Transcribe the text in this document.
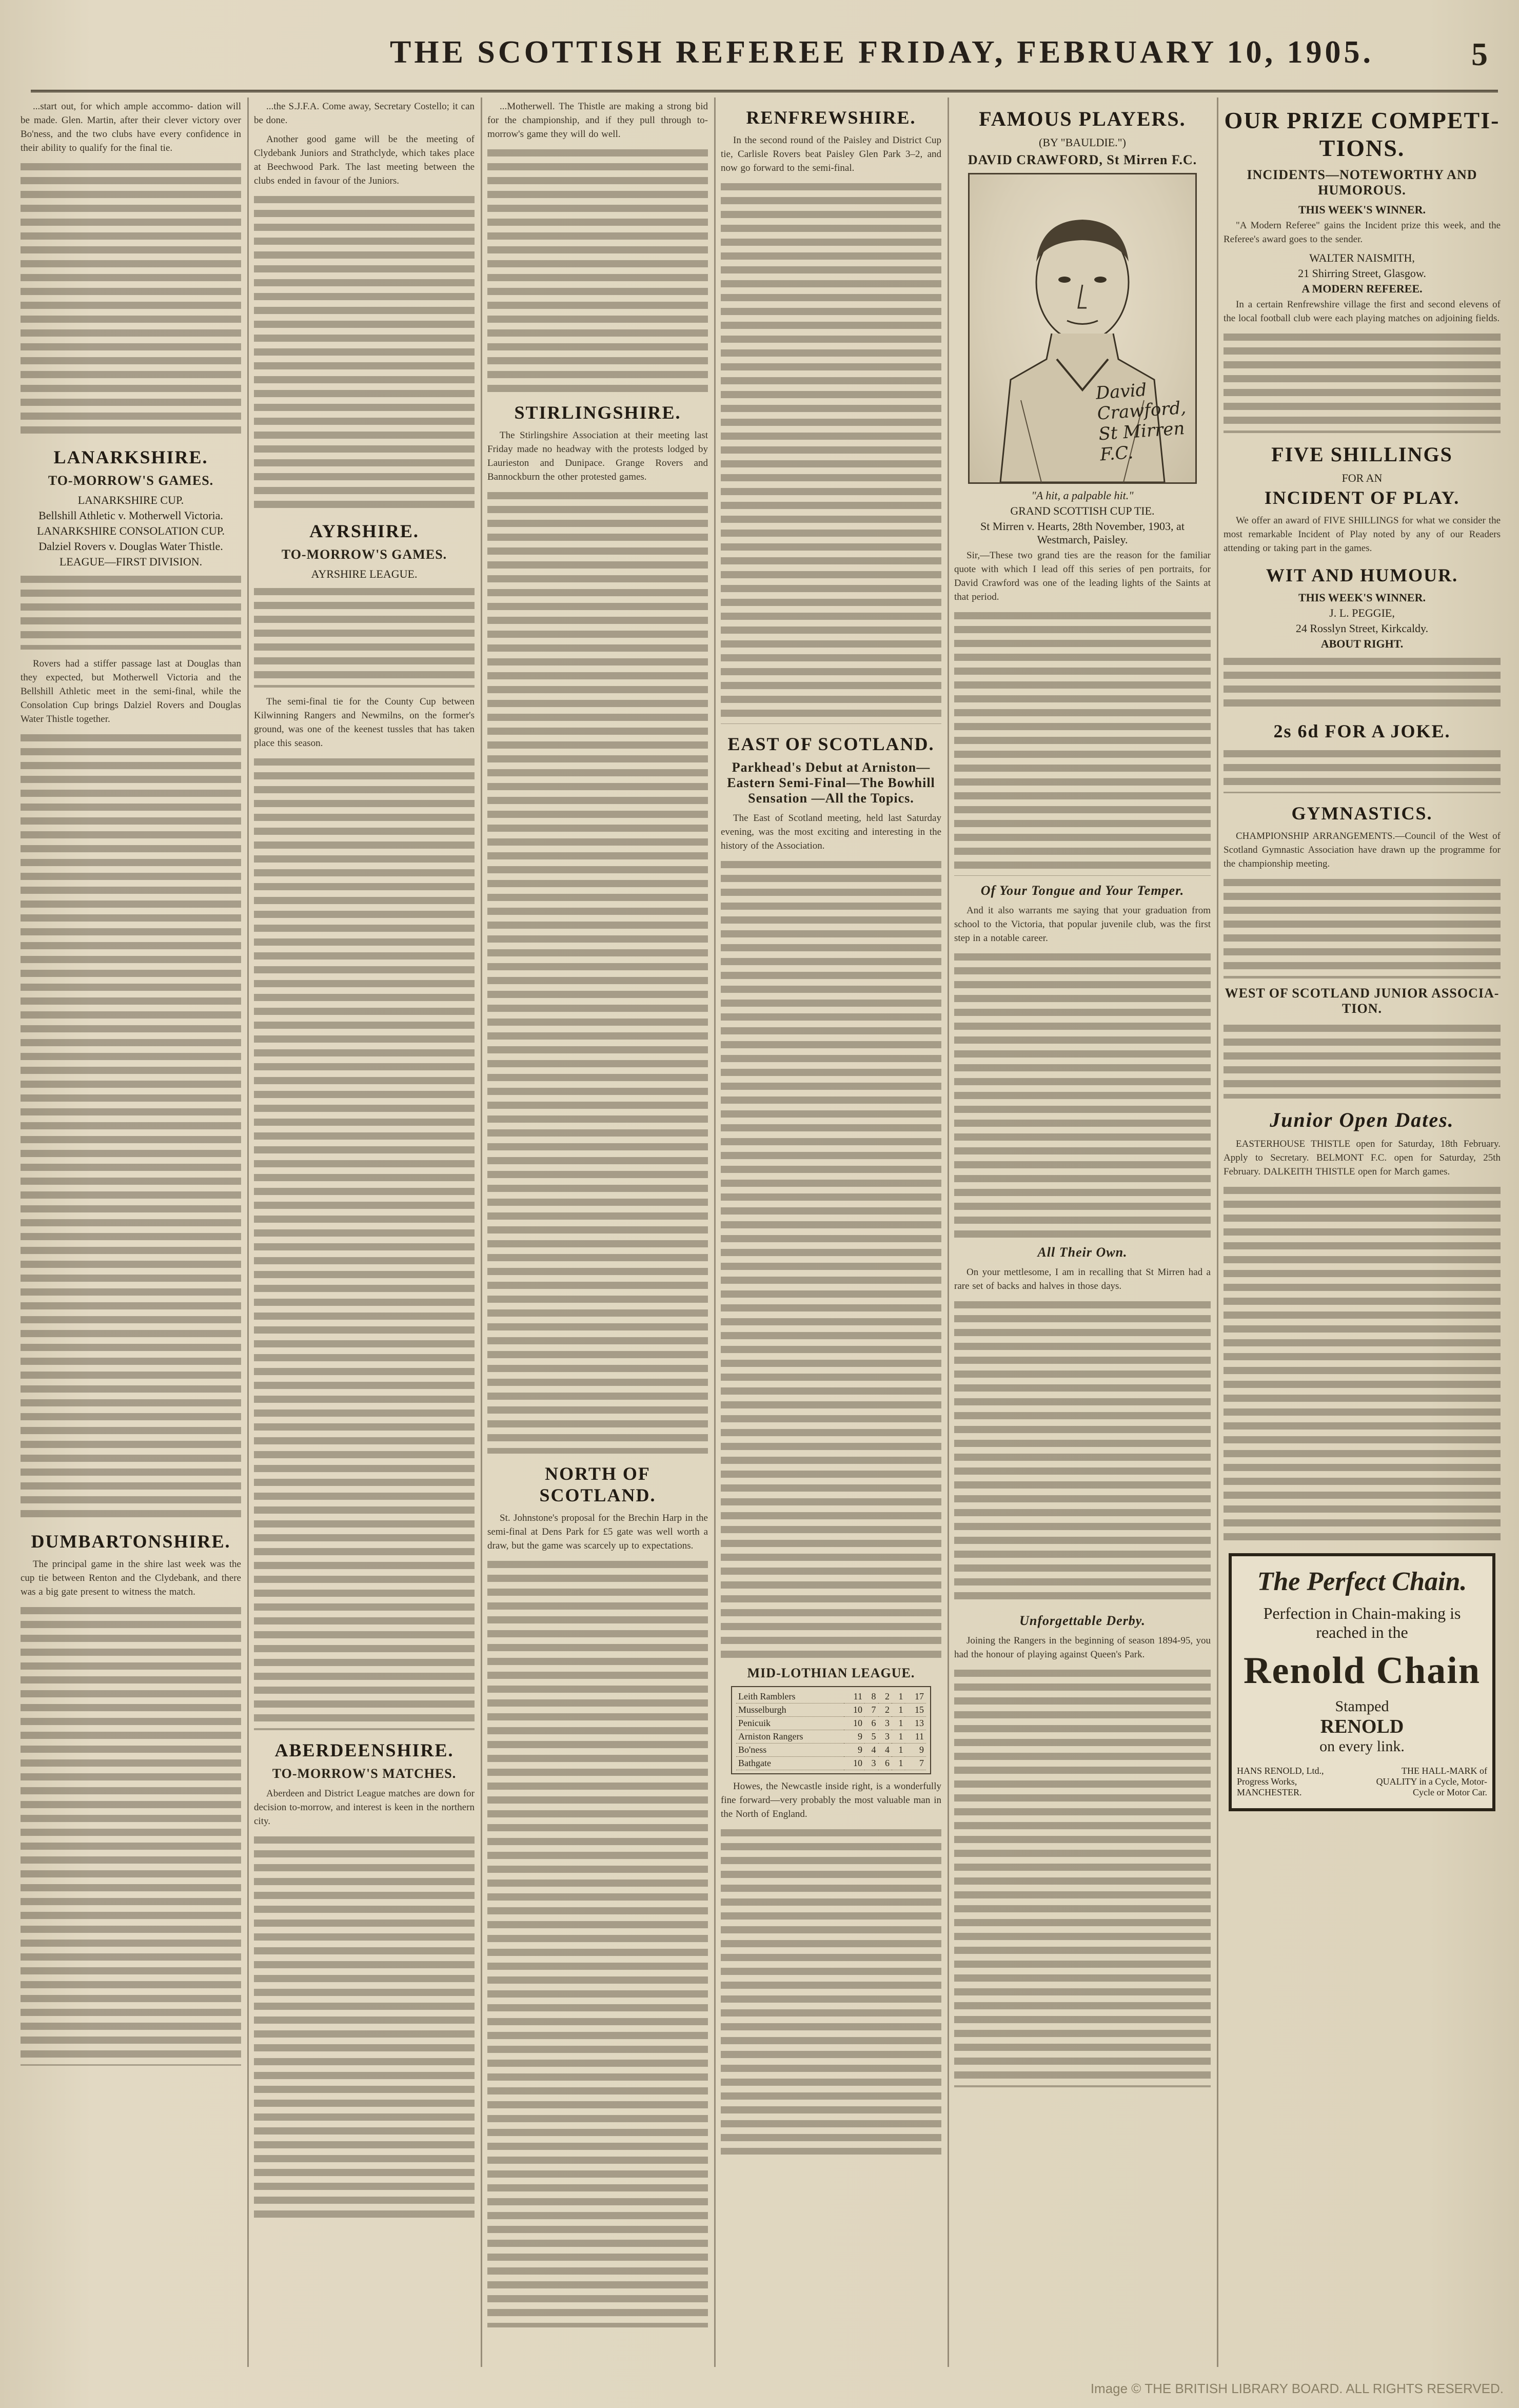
THE SCOTTISH REFEREE FRIDAY, FEBRUARY 10, 1905.	5

...start out, for which ample accommo- dation will be made. Glen. Martin, after their clever victory over Bo'ness, and the two clubs have every confidence in their ability to qualify for the final tie.

LANARKSHIRE.
TO-MORROW'S GAMES.
LANARKSHIRE CUP.
Bellshill Athletic v. Motherwell Victoria.
LANARKSHIRE CONSOLATION CUP.
Dalziel Rovers v. Douglas Water Thistle.
LEAGUE—FIRST DIVISION.

Rovers had a stiffer passage last at Douglas than they expected, but Motherwell Victoria and the Bellshill Athletic meet in the semi-final, while the Consolation Cup brings Dalziel Rovers and Douglas Water Thistle together.

DUMBARTONSHIRE.

The principal game in the shire last week was the cup tie between Renton and the Clydebank, and there was a big gate present to witness the match.

...the S.J.F.A. Come away, Secretary Costello; it can be done.

Another good game will be the meeting of Clydebank Juniors and Strathclyde, which takes place at Beechwood Park. The last meeting between the clubs ended in favour of the Juniors.

AYRSHIRE.
TO-MORROW'S GAMES.
AYRSHIRE LEAGUE.

The semi-final tie for the County Cup between Kilwinning Rangers and Newmilns, on the former's ground, was one of the keenest tussles that has taken place this season.

ABERDEENSHIRE.
TO-MORROW'S MATCHES.

Aberdeen and District League matches are down for decision to-morrow, and interest is keen in the northern city.

...Motherwell. The Thistle are making a strong bid for the championship, and if they pull through to-morrow's game they will do well.

STIRLINGSHIRE.

The Stirlingshire Association at their meeting last Friday made no headway with the protests lodged by Laurieston and Dunipace. Grange Rovers and Bannockburn the other protested games.

NORTH OF SCOTLAND.

St. Johnstone's proposal for the Brechin Harp in the semi-final at Dens Park for £5 gate was well worth a draw, but the game was scarcely up to expectations.

RENFREWSHIRE.

In the second round of the Paisley and District Cup tie, Carlisle Rovers beat Paisley Glen Park 3–2, and now go forward to the semi-final.

EAST OF SCOTLAND.
Parkhead's Debut at Arniston—Eastern Semi-Final—The Bowhill Sensation —All the Topics.

The East of Scotland meeting, held last Saturday evening, was the most exciting and interesting in the history of the Association.

MID-LOTHIAN LEAGUE.
Leith Ramblers	11	8	2	1	17
Musselburgh	10	7	2	1	15
Penicuik	10	6	3	1	13
Arniston Rangers	9	5	3	1	11
Bo'ness	9	4	4	1	9
Bathgate	10	3	6	1	7

Howes, the Newcastle inside right, is a wonderfully fine forward—very probably the most valuable man in the North of England.

FAMOUS PLAYERS.
(BY "BAULDIE.")
DAVID CRAWFORD, St Mirren F.C.
David Crawford, St Mirren F.C.
"A hit, a palpable hit."
GRAND SCOTTISH CUP TIE.
St Mirren v. Hearts, 28th November, 1903, at Westmarch, Paisley.

Sir,—These two grand ties are the reason for the familiar quote with which I lead off this series of pen portraits, for David Crawford was one of the leading lights of the Saints at that period.

Of Your Tongue and Your Temper.

And it also warrants me saying that your graduation from school to the Victoria, that popular juvenile club, was the first step in a notable career.

All Their Own.

On your mettlesome, I am in recalling that St Mirren had a rare set of backs and halves in those days.

Unforgettable Derby.

Joining the Rangers in the beginning of season 1894-95, you had the honour of playing against Queen's Park.

OUR PRIZE COMPETI- TIONS.
INCIDENTS—NOTEWORTHY AND HUMOROUS.
THIS WEEK'S WINNER.

"A Modern Referee" gains the Incident prize this week, and the Referee's award goes to the sender.

WALTER NAISMITH,
21 Shirring Street, Glasgow.
A MODERN REFEREE.

In a certain Renfrewshire village the first and second elevens of the local football club were each playing matches on adjoining fields.

FIVE SHILLINGS
FOR AN
INCIDENT OF PLAY.

We offer an award of FIVE SHILLINGS for what we consider the most remarkable Incident of Play noted by any of our Readers attending or taking part in the games.

WIT AND HUMOUR.
THIS WEEK'S WINNER.
J. L. PEGGIE,
24 Rosslyn Street, Kirkcaldy.
ABOUT RIGHT.
2s 6d FOR A JOKE.
GYMNASTICS.

CHAMPIONSHIP ARRANGEMENTS.—Council of the West of Scotland Gymnastic Association have drawn up the programme for the championship meeting.

WEST OF SCOTLAND JUNIOR ASSOCIA- TION.
Junior Open Dates.

EASTERHOUSE THISTLE open for Saturday, 18th February. Apply to Secretary. BELMONT F.C. open for Saturday, 25th February. DALKEITH THISTLE open for March games.

The Perfect Chain.
Perfection in Chain-making is reached in the
Renold Chain
Stamped
RENOLD
on every link.
HANS RENOLD, Ltd., Progress Works, MANCHESTER.
THE HALL-MARK of QUALITY in a Cycle, Motor-Cycle or Motor Car.
Image © THE BRITISH LIBRARY BOARD. ALL RIGHTS RESERVED.
